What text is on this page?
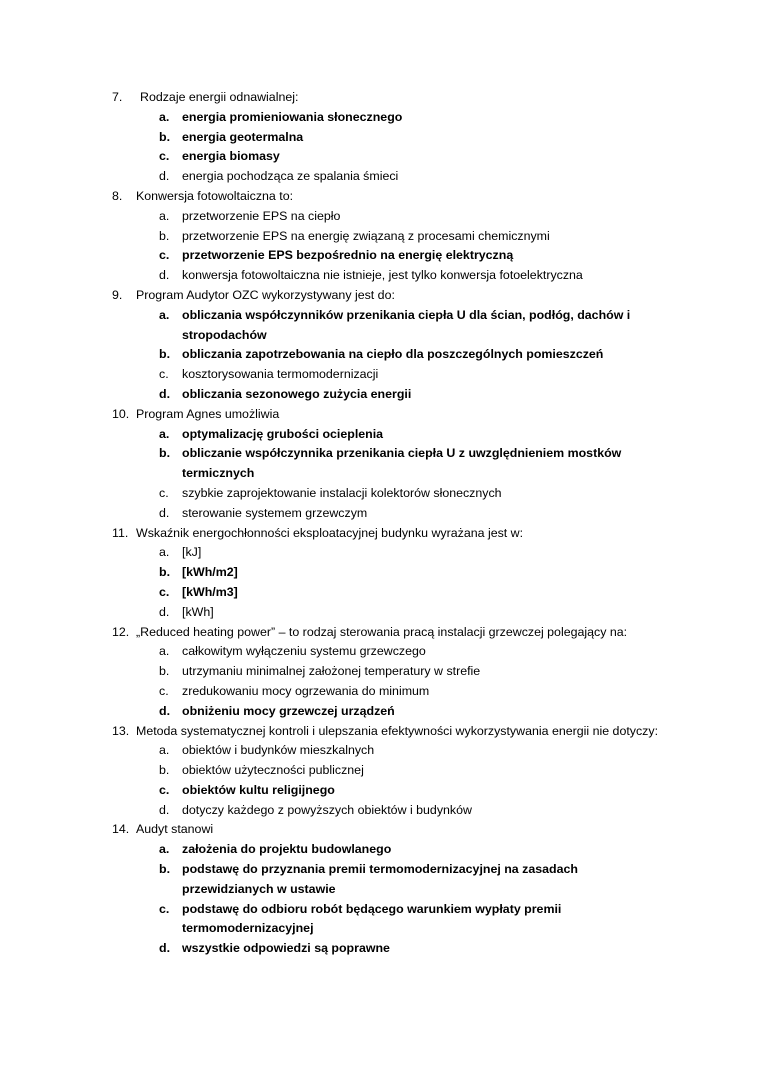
7. Rodzaje energii odnawialnej:
a. energia promieniowania słonecznego
b. energia geotermalna
c. energia biomasy
d. energia pochodząca ze spalania śmieci
8. Konwersja fotowoltaiczna to:
a. przetworzenie EPS na ciepło
b. przetworzenie EPS na energię związaną z procesami chemicznymi
c. przetworzenie EPS bezpośrednio na energię elektryczną
d. konwersja fotowoltaiczna nie istnieje, jest tylko konwersja fotoelektryczna
9. Program Audytor OZC wykorzystywany jest do:
a. obliczania współczynników przenikania ciepła U dla ścian, podłóg, dachów i stropodachów
b. obliczania zapotrzebowania na ciepło dla poszczególnych pomieszczeń
c. kosztorysowania termomodernizacji
d. obliczania sezonowego zużycia energii
10. Program Agnes umożliwia
a. optymalizację grubości ocieplenia
b. obliczanie współczynnika przenikania ciepła U z uwzględnieniem mostków termicznych
c. szybkie zaprojektowanie instalacji kolektorów słonecznych
d. sterowanie systemem grzewczym
11. Wskaźnik energochłonności eksploatacyjnej budynku wyrażana jest w:
a. [kJ]
b. [kWh/m2]
c. [kWh/m3]
d. [kWh]
12. „Reduced heating power” – to rodzaj sterowania pracą instalacji grzewczej polegający na:
a. całkowitym wyłączeniu systemu grzewczego
b. utrzymaniu minimalnej założonej temperatury w strefie
c. zredukowaniu mocy ogrzewania do minimum
d. obniżeniu mocy grzewczej urządzeń
13. Metoda systematycznej kontroli i ulepszania efektywności wykorzystywania energii nie dotyczy:
a. obiektów i budynków mieszkalnych
b. obiektów użyteczności publicznej
c. obiektów kultu religijnego
d. dotyczy każdego z powyższych obiektów i budynków
14. Audyt stanowi
a. założenia do projektu budowlanego
b. podstawę do przyznania premii termomodernizacyjnej na zasadach przewidzianych w ustawie
c. podstawę do odbioru robót będącego warunkiem wypłaty premii termomodernizacyjnej
d. wszystkie odpowiedzi są poprawne
